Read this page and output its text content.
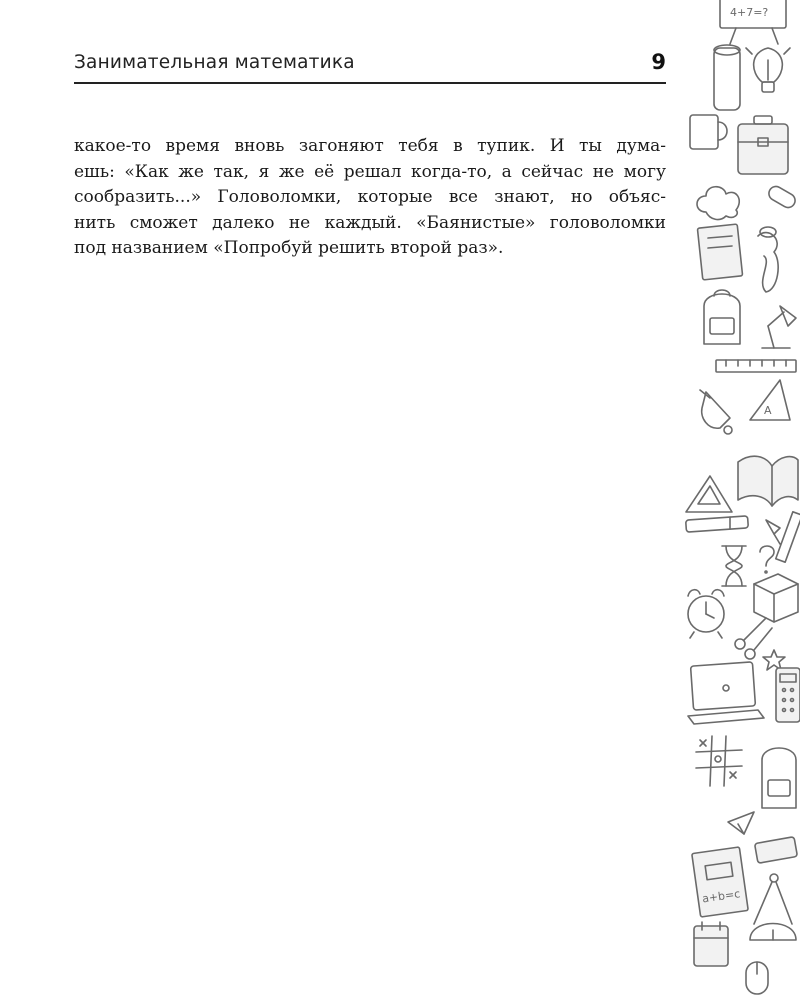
Занимательная математика	9
какое-то время вновь загоняют тебя в тупик. И ты дума-
ешь: «Как же так, я же её решал когда-то, а сейчас не могу
сообразить...» Головоломки, которые все знают, но объяс-
нить сможет далеко не каждый. «Баянистые» головоломки
под названием «Попробуй решить второй раз».
4+7=?
A
a+b=c
